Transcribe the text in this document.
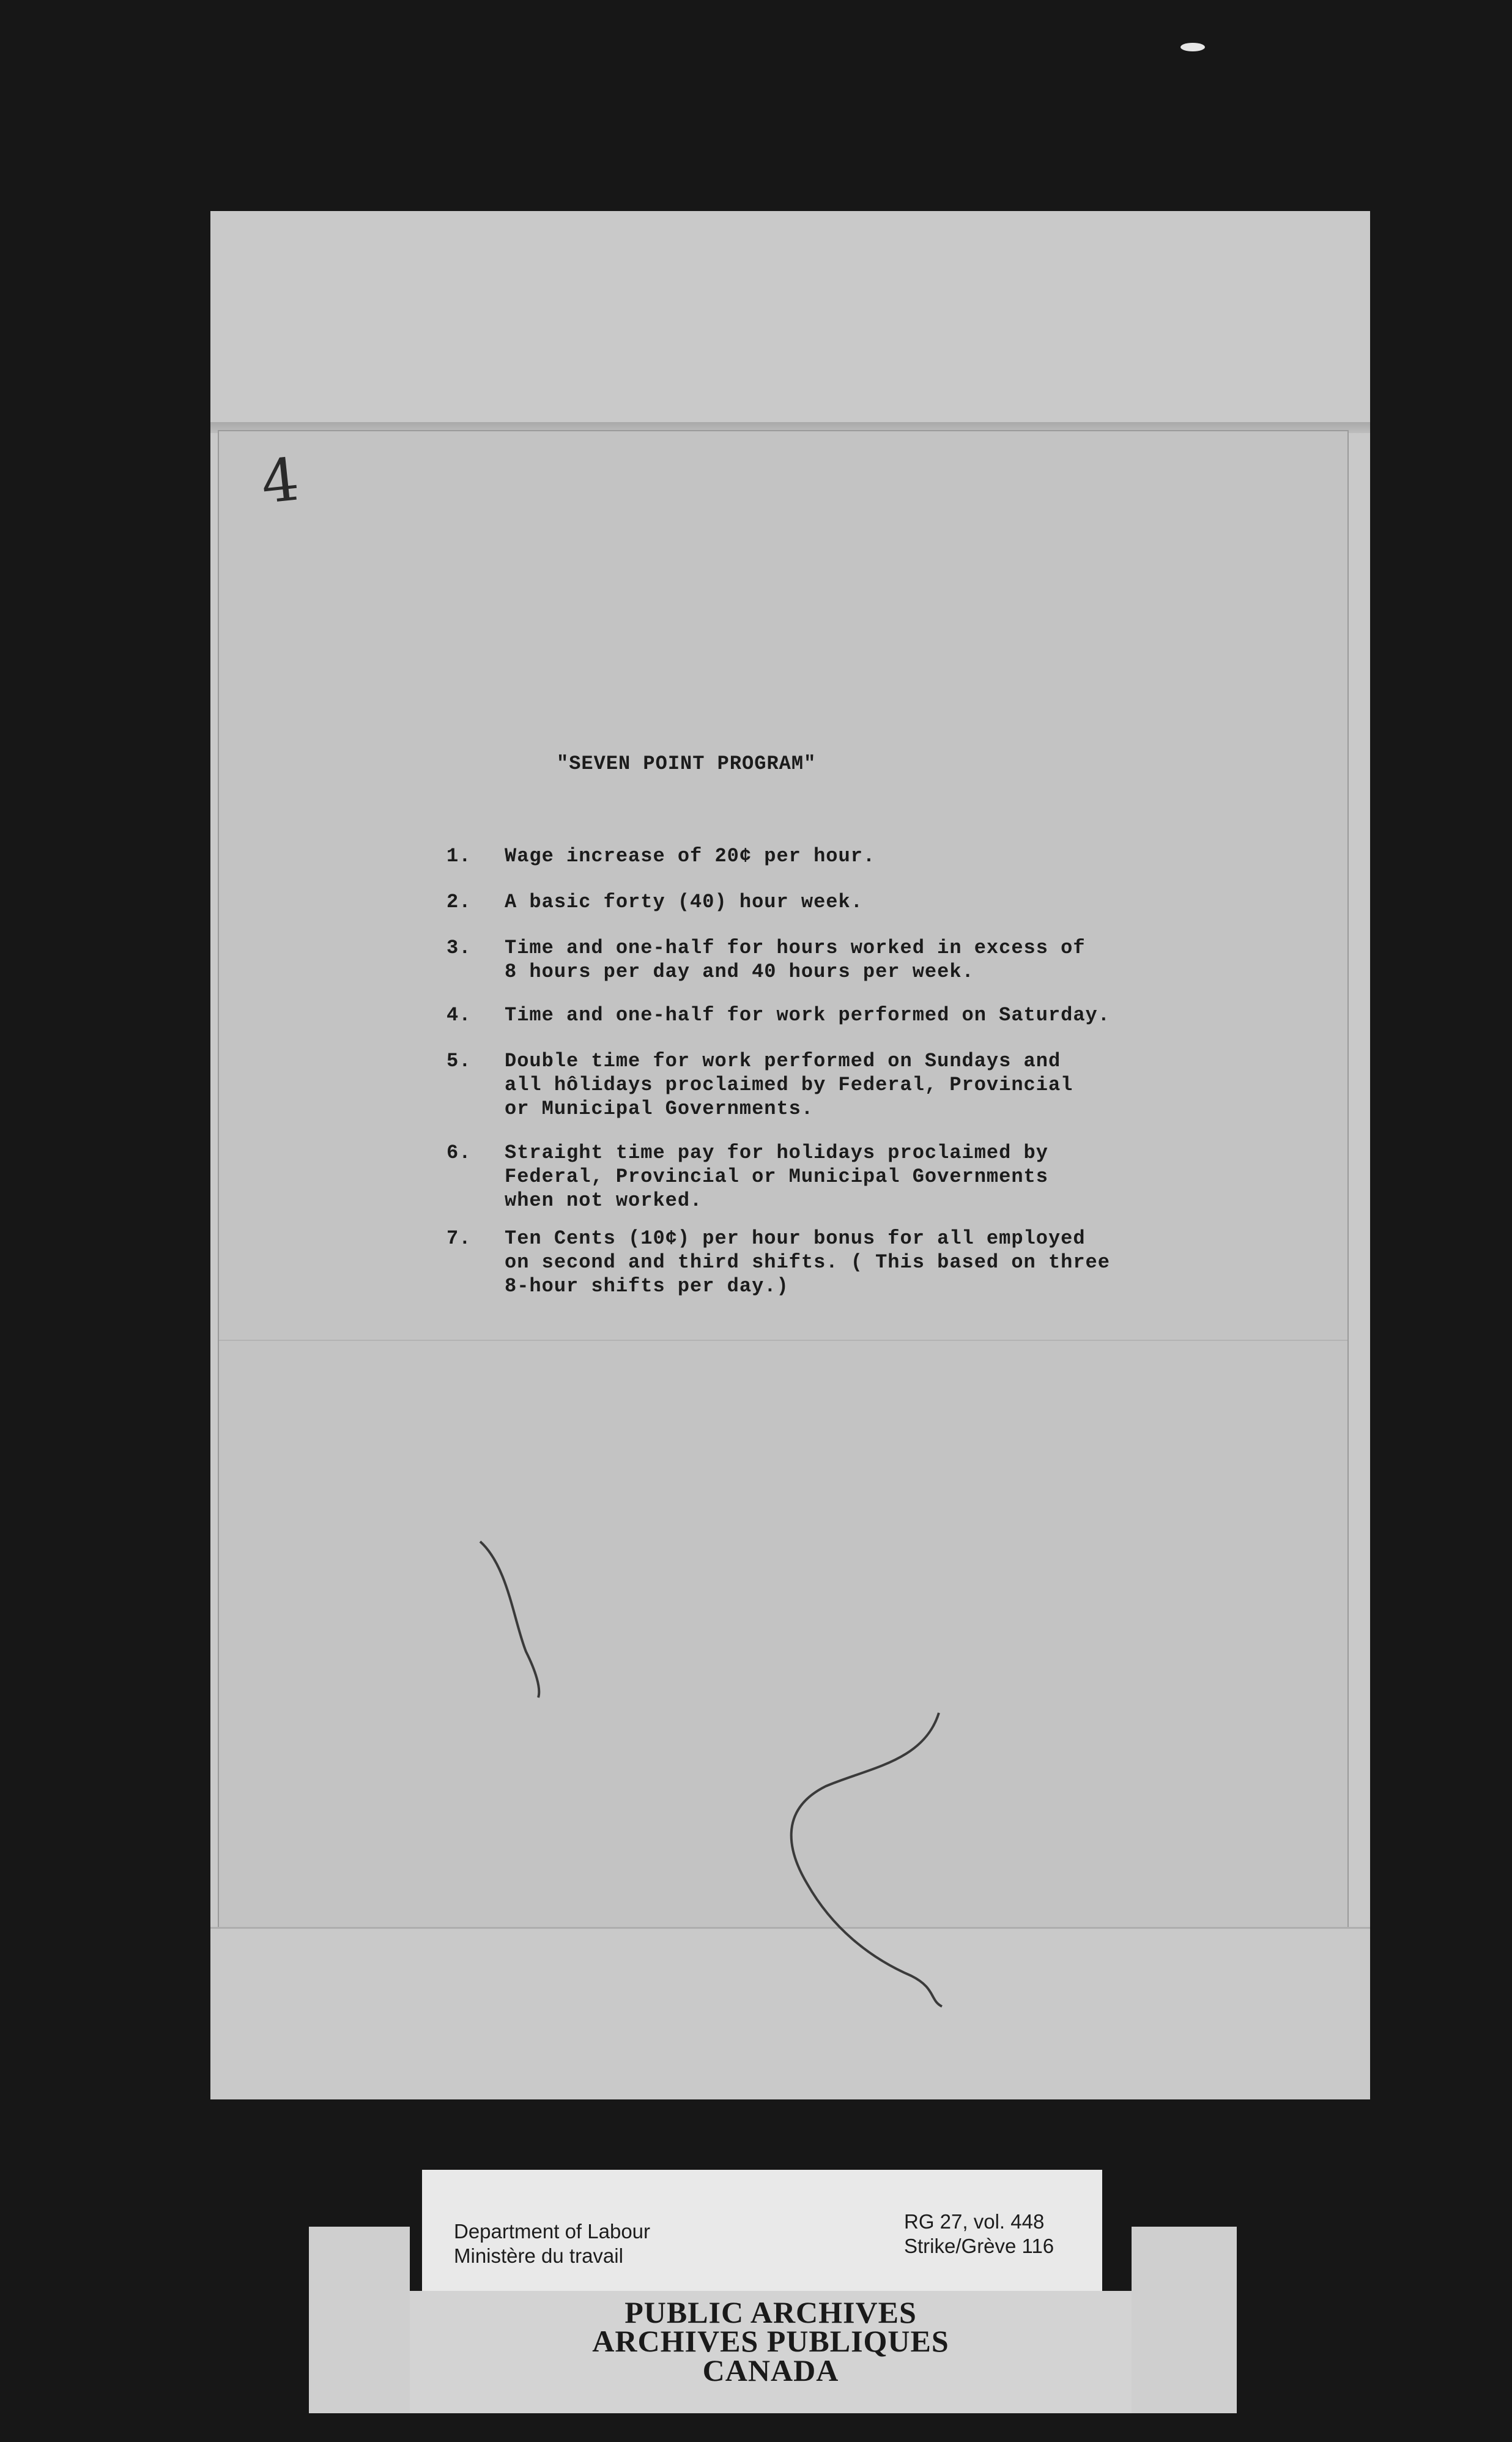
4
"SEVEN POINT PROGRAM"
1.	Wage increase of 20¢ per hour.
2.	A basic forty (40) hour week.
3.	Time and one-half for hours worked in excess of
8 hours per day and 40 hours per week.
4.	Time and one-half for work performed on Saturday.
5.	Double time for work performed on Sundays and
all hôlidays proclaimed by Federal, Provincial
or Municipal Governments.
6.	Straight time pay for holidays proclaimed by
Federal, Provincial or Municipal Governments
when not worked.
7.	Ten Cents (10¢) per hour bonus for all employed
on second and third shifts. ( This based on three
8-hour shifts per day.)
Department of Labour
Ministère du travail
RG 27, vol. 448
Strike/Grève 116
PUBLIC ARCHIVES
ARCHIVES PUBLIQUES
CANADA
